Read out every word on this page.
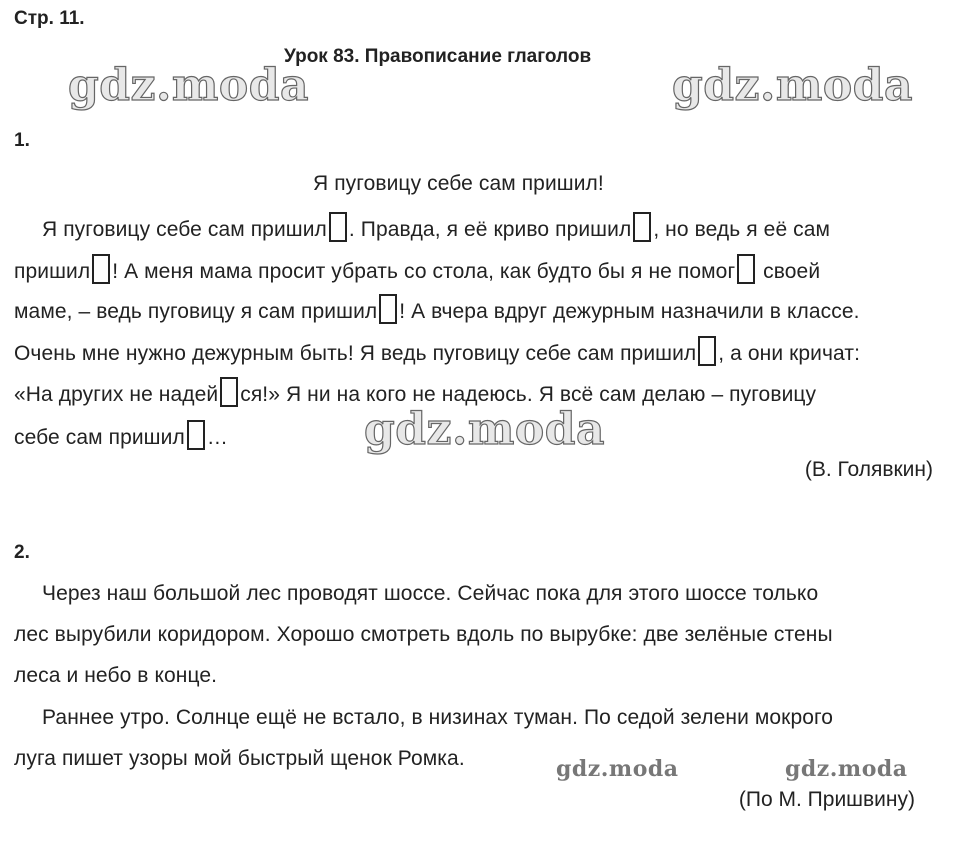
Стр. 11.
Урок 83. Правописание глаголов
gdz.moda	gdz.moda
1.
Я пуговицу себе сам пришил!
Я пуговицу себе сам пришил . Правда, я её криво пришил , но ведь я её сам
пришил ! А меня мама просит убрать со стола, как будто бы я не помог своей
маме, – ведь пуговицу я сам пришил ! А вчера вдруг дежурным назначили в классе.
Очень мне нужно дежурным быть! Я ведь пуговицу себе сам пришил , а они кричат:
«На других не надей ся!» Я ни на кого не надеюсь. Я всё сам делаю – пуговицу
себе сам пришил …	gdz.moda
(В. Голявкин)
2.
Через наш большой лес проводят шоссе. Сейчас пока для этого шоссе только
лес вырубили коридором. Хорошо смотреть вдоль по вырубке: две зелёные стены
леса и небо в конце.
Раннее утро. Солнце ещё не встало, в низинах туман. По седой зелени мокрого
луга пишет узоры мой быстрый щенок Ромка.	gdz.moda	gdz.moda
(По М. Пришвину)
